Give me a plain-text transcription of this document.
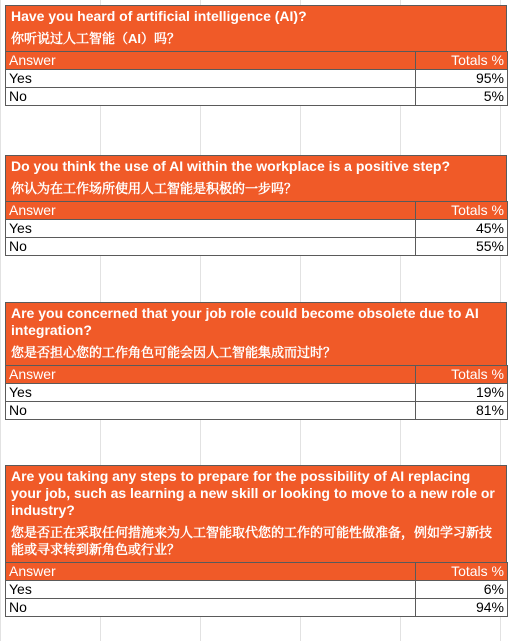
Have you heard of artificial intelligence (AI)?
你听说过人工智能（AI）吗？
Answer	Totals %
Yes	95%
No	5%
Do you think the use of AI within the workplace is a positive step?
你认为在工作场所使用人工智能是积极的一步吗？
Answer	Totals %
Yes	45%
No	55%
Are you concerned that your job role could become obsolete due to AI integration?
您是否担心您的工作角色可能会因人工智能集成而过时？
Answer	Totals %
Yes	19%
No	81%
Are you taking any steps to prepare for the possibility of AI replacing your job, such as learning a new skill or looking to move to a new role or industry?
您是否正在采取任何措施来为人工智能取代您的工作的可能性做准备，例如学习新技能或寻求转到新角色或行业？
Answer	Totals %
Yes	6%
No	94%
